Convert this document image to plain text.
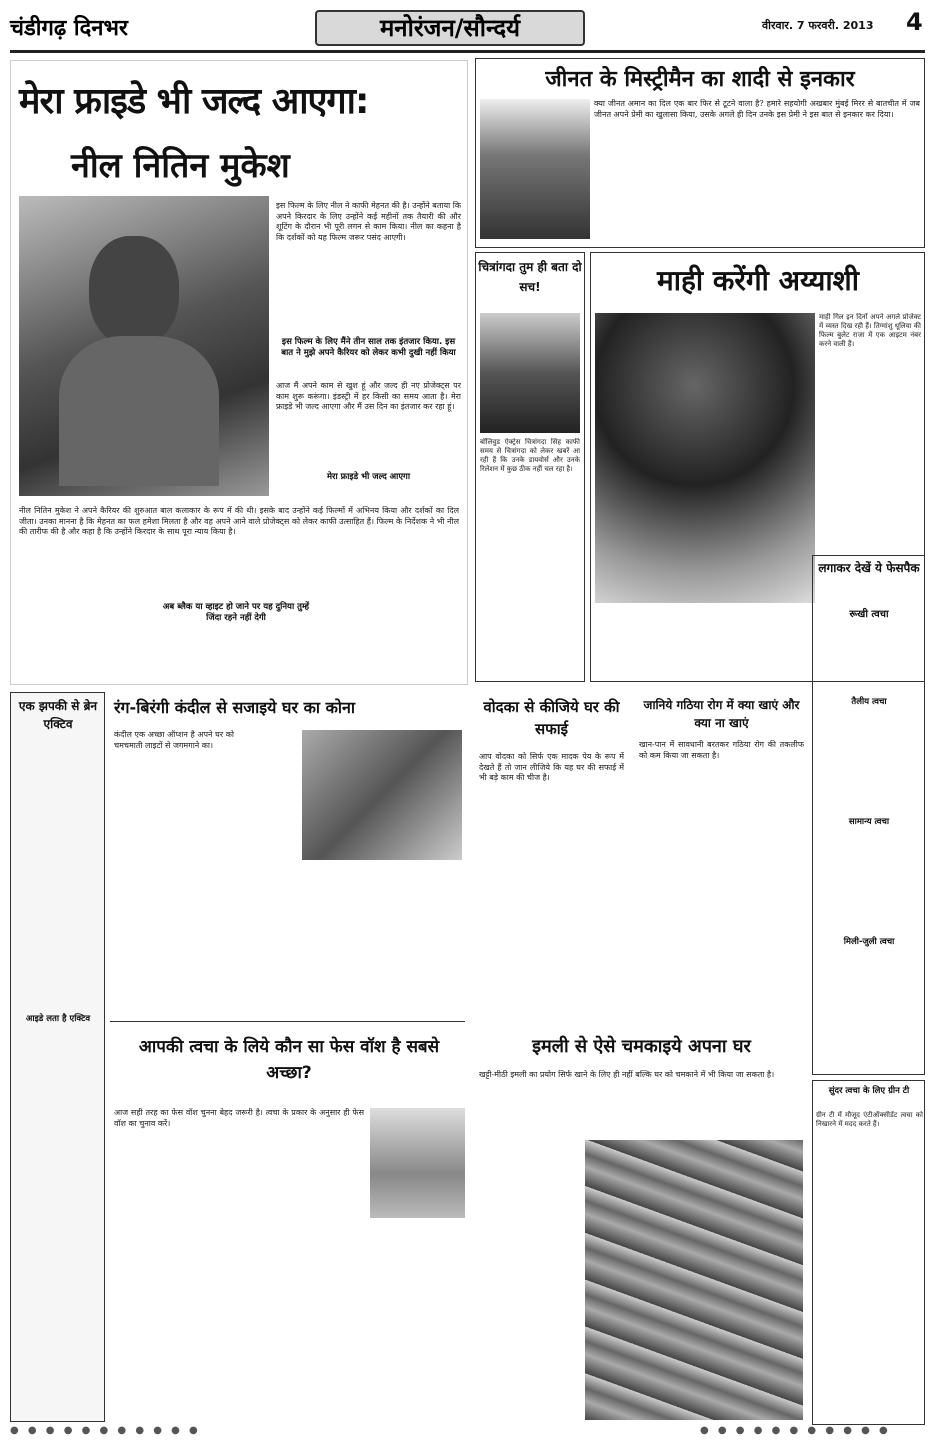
चंडीगढ़ दिनभर	मनोरंजन/सौन्दर्य	वीरवार. 7 फरवरी. 2013	4
मेरा फ्राइडे भी जल्द आएगा:
नील नितिन मुकेश
इस फिल्म के लिए नील ने काफी मेहनत की है। उन्होंने बताया कि अपने किरदार के लिए उन्होंने कई महीनों तक तैयारी की और शूटिंग के दौरान भी पूरी लगन से काम किया। नील का कहना है कि दर्शकों को यह फिल्म जरूर पसंद आएगी।
इस फिल्म के लिए मैंने तीन साल तक इंतजार किया. इस बात ने मुझे अपने कैरियर को लेकर कभी दुखी नहीं किया
आज मैं अपने काम से खुश हूं और जल्द ही नए प्रोजेक्ट्स पर काम शुरू करूंगा। इंडस्ट्री में हर किसी का समय आता है। मेरा फ्राइडे भी जल्द आएगा और मैं उस दिन का इंतजार कर रहा हूं।
मेरा फ्राइडे भी जल्द आएगा
नील नितिन मुकेश ने अपने कैरियर की शुरुआत बाल कलाकार के रूप में की थी। इसके बाद उन्होंने कई फिल्मों में अभिनय किया और दर्शकों का दिल जीता। उनका मानना है कि मेहनत का फल हमेशा मिलता है और वह अपने आने वाले प्रोजेक्ट्स को लेकर काफी उत्साहित हैं। फिल्म के निर्देशक ने भी नील की तारीफ की है और कहा है कि उन्होंने किरदार के साथ पूरा न्याय किया है।
अब ब्लैक या व्हाइट हो जाने पर यह दुनिया तुम्हें जिंदा रहने नहीं देगी
जीनत के मिस्ट्रीमैन का शादी से इनकार
क्या जीनत अमान का दिल एक बार फिर से टूटने वाला है? हमारे सहयोगी अखबार मुंबई मिरर से बातचीत में जब जीनत अपने प्रेमी का खुलासा किया, उसके अगले ही दिन उनके इस प्रेमी ने इस बात से इनकार कर दिया।
चित्रांगदा तुम ही बता दो सच!
बॉलिवुड ऐक्ट्रेस चित्रांगदा सिंह काफी समय से चित्रांगदा को लेकर खबरें आ रही हैं कि उनके डायवोर्स और उनके रिलेशन में कुछ ठीक नहीं चल रहा है।
माही करेंगी अय्याशी
माही गिल इन दिनों अपने अगले प्रोजेक्ट में व्यस्त दिख रही हैं। तिग्मांशु धूलिया की फिल्म बुलेट राजा में एक आइटम नंबर करने वाली हैं।
लगाकर देखें ये फेसपैक
रूखी त्वचा
तैलीय त्वचा
सामान्य त्वचा
मिली-जुली त्वचा
एक झपकी से ब्रेन एक्टिव
आइडे लता है एक्टिव
रंग-बिरंगी कंदील से सजाइये घर का कोना
कंदील एक अच्छा ऑप्शन है अपने घर को चमचमाती लाइटों से जगमगाने का।
वोदका से कीजिये घर की सफाई
आप वोदका को सिर्फ एक मादक पेय के रूप में देखते हैं तो जान लीजिये कि यह घर की सफाई में भी बड़े काम की चीज है।
जानिये गठिया रोग में क्या खाएं और क्या ना खाएं
खान-पान में सावधानी बरतकर गठिया रोग की तकलीफ को कम किया जा सकता है।
आपकी त्वचा के लिये कौन सा फेस वॉश है सबसे अच्छा?
आज सही तरह का फेस वॉश चुनना बेहद जरूरी है। त्वचा के प्रकार के अनुसार ही फेस वॉश का चुनाव करें।
इमली से ऐसे चमकाइये अपना घर
खट्टी-मीठी इमली का प्रयोग सिर्फ खाने के लिए ही नहीं बल्कि घर को चमकाने में भी किया जा सकता है।
सुंदर त्वचा के लिए ग्रीन टी
ग्रीन टी में मौजूद एंटीऑक्सीडेंट त्वचा को निखारने में मदद करते हैं।
● ● ● ● ● ● ● ● ● ● ●	● ● ● ● ● ● ● ● ● ● ●
